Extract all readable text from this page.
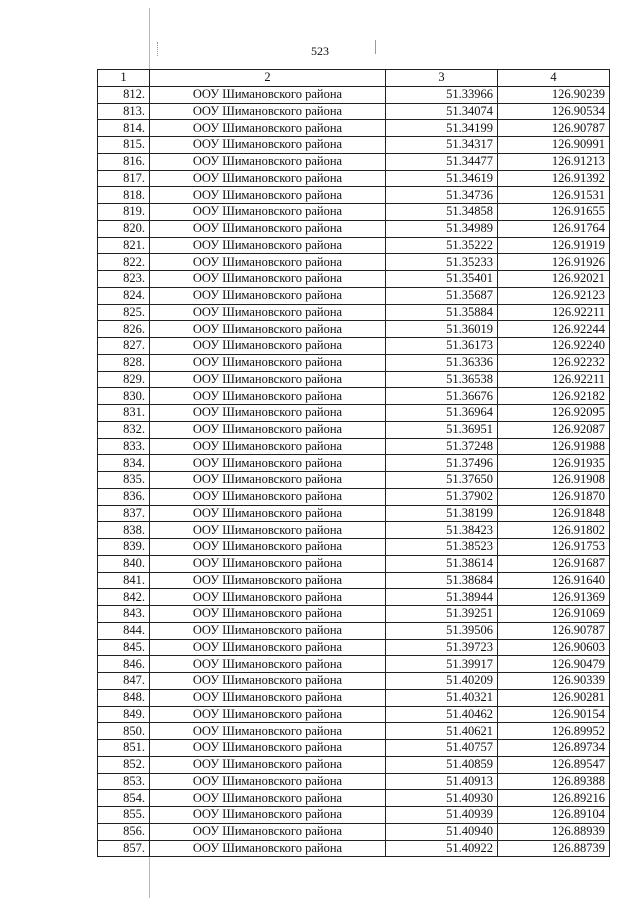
523
1	2	3	4
812.	ООУ Шимановского района	51.33966	126.90239
813.	ООУ Шимановского района	51.34074	126.90534
814.	ООУ Шимановского района	51.34199	126.90787
815.	ООУ Шимановского района	51.34317	126.90991
816.	ООУ Шимановского района	51.34477	126.91213
817.	ООУ Шимановского района	51.34619	126.91392
818.	ООУ Шимановского района	51.34736	126.91531
819.	ООУ Шимановского района	51.34858	126.91655
820.	ООУ Шимановского района	51.34989	126.91764
821.	ООУ Шимановского района	51.35222	126.91919
822.	ООУ Шимановского района	51.35233	126.91926
823.	ООУ Шимановского района	51.35401	126.92021
824.	ООУ Шимановского района	51.35687	126.92123
825.	ООУ Шимановского района	51.35884	126.92211
826.	ООУ Шимановского района	51.36019	126.92244
827.	ООУ Шимановского района	51.36173	126.92240
828.	ООУ Шимановского района	51.36336	126.92232
829.	ООУ Шимановского района	51.36538	126.92211
830.	ООУ Шимановского района	51.36676	126.92182
831.	ООУ Шимановского района	51.36964	126.92095
832.	ООУ Шимановского района	51.36951	126.92087
833.	ООУ Шимановского района	51.37248	126.91988
834.	ООУ Шимановского района	51.37496	126.91935
835.	ООУ Шимановского района	51.37650	126.91908
836.	ООУ Шимановского района	51.37902	126.91870
837.	ООУ Шимановского района	51.38199	126.91848
838.	ООУ Шимановского района	51.38423	126.91802
839.	ООУ Шимановского района	51.38523	126.91753
840.	ООУ Шимановского района	51.38614	126.91687
841.	ООУ Шимановского района	51.38684	126.91640
842.	ООУ Шимановского района	51.38944	126.91369
843.	ООУ Шимановского района	51.39251	126.91069
844.	ООУ Шимановского района	51.39506	126.90787
845.	ООУ Шимановского района	51.39723	126.90603
846.	ООУ Шимановского района	51.39917	126.90479
847.	ООУ Шимановского района	51.40209	126.90339
848.	ООУ Шимановского района	51.40321	126.90281
849.	ООУ Шимановского района	51.40462	126.90154
850.	ООУ Шимановского района	51.40621	126.89952
851.	ООУ Шимановского района	51.40757	126.89734
852.	ООУ Шимановского района	51.40859	126.89547
853.	ООУ Шимановского района	51.40913	126.89388
854.	ООУ Шимановского района	51.40930	126.89216
855.	ООУ Шимановского района	51.40939	126.89104
856.	ООУ Шимановского района	51.40940	126.88939
857.	ООУ Шимановского района	51.40922	126.88739
